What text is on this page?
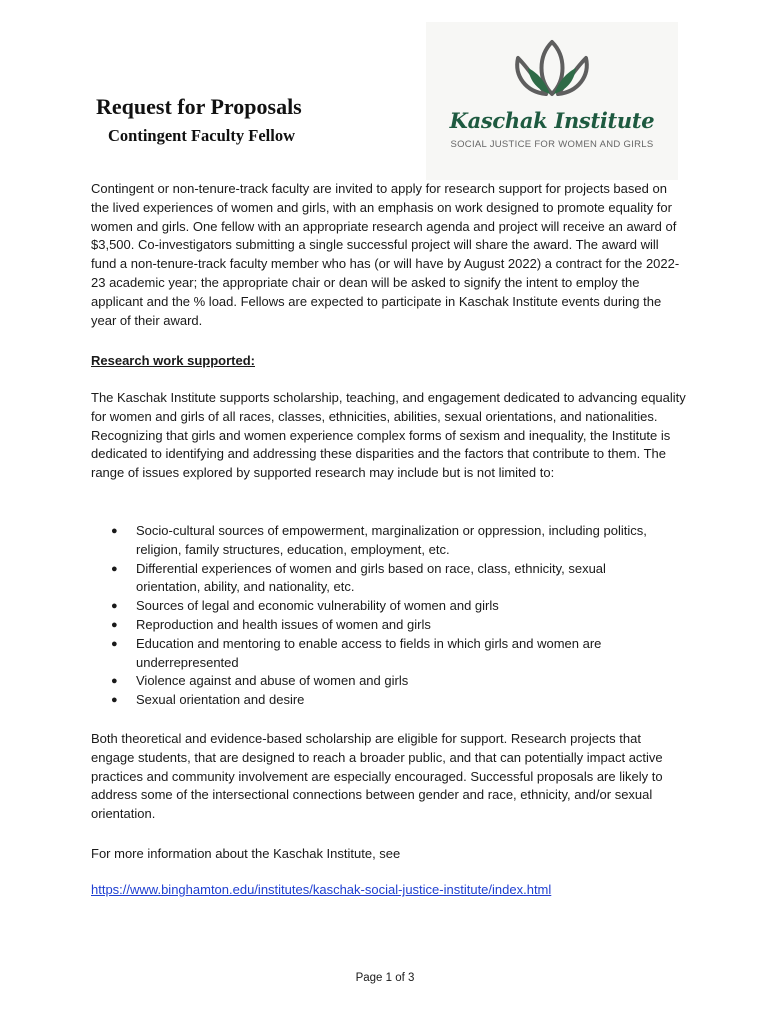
Request for Proposals
Contingent Faculty Fellow
Kaschak Institute
SOCIAL JUSTICE FOR WOMEN AND GIRLS

Contingent or non-tenure-track faculty are invited to apply for research support for projects based on the lived experiences of women and girls, with an emphasis on work designed to promote equality for women and girls. One fellow with an appropriate research agenda and project will receive an award of $3,500. Co-investigators submitting a single successful project will share the award. The award will fund a non-tenure-track faculty member who has (or will have by August 2022) a contract for the 2022-23 academic year; the appropriate chair or dean will be asked to signify the intent to employ the applicant and the % load. Fellows are expected to participate in Kaschak Institute events during the year of their award.

Research work supported:

The Kaschak Institute supports scholarship, teaching, and engagement dedicated to advancing equality for women and girls of all races, classes, ethnicities, abilities, sexual orientations, and nationalities. Recognizing that girls and women experience complex forms of sexism and inequality, the Institute is dedicated to identifying and addressing these disparities and the factors that contribute to them. The range of issues explored by supported research may include but is not limited to:

● Socio-cultural sources of empowerment, marginalization or oppression, including politics, religion, family structures, education, employment, etc.
● Differential experiences of women and girls based on race, class, ethnicity, sexual orientation, ability, and nationality, etc.
● Sources of legal and economic vulnerability of women and girls
● Reproduction and health issues of women and girls
● Education and mentoring to enable access to fields in which girls and women are underrepresented
● Violence against and abuse of women and girls
● Sexual orientation and desire

Both theoretical and evidence-based scholarship are eligible for support. Research projects that engage students, that are designed to reach a broader public, and that can potentially impact active practices and community involvement are especially encouraged. Successful proposals are likely to address some of the intersectional connections between gender and race, ethnicity, and/or sexual orientation.

For more information about the Kaschak Institute, see

https://www.binghamton.edu/institutes/kaschak-social-justice-institute/index.html
Page 1 of 3
